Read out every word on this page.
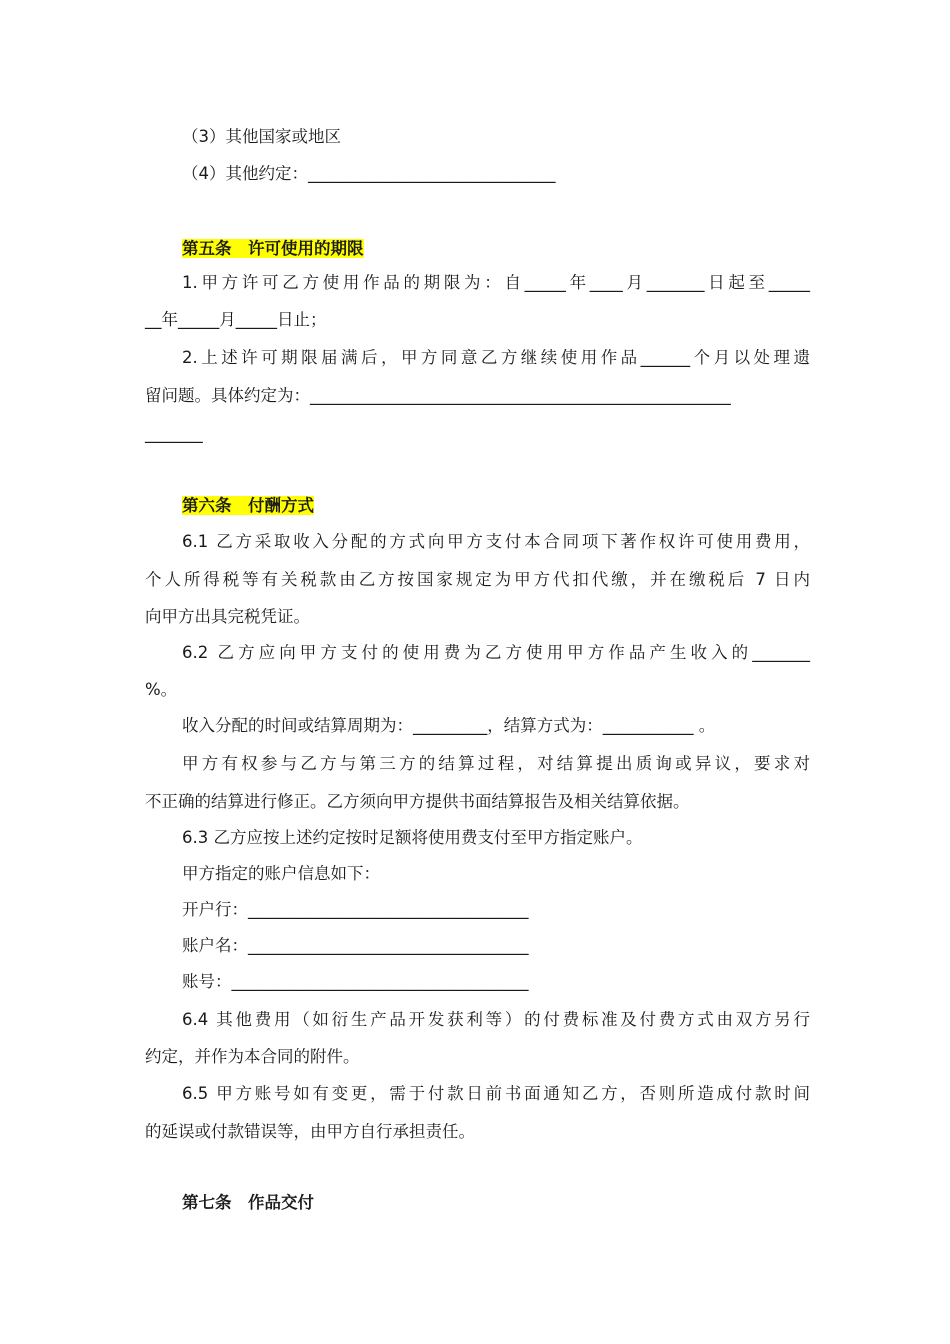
（3）其他国家或地区
（4）其他约定：______________________________
第五条　许可使用的期限
1.甲方许可乙方使用作品的期限为：自_____年____月_______日起至_____
__年_____月_____日止；
2.上述许可期限届满后，甲方同意乙方继续使用作品______个月以处理遗
留问题。具体约定为：___________________________________________________
_______
第六条　付酬方式
6.1 乙方采取收入分配的方式向甲方支付本合同项下著作权许可使用费用，
个人所得税等有关税款由乙方按国家规定为甲方代扣代缴，并在缴税后 7 日内
向甲方出具完税凭证。
6.2 乙方应向甲方支付的使用费为乙方使用甲方作品产生收入的_______
%。
收入分配的时间或结算周期为：_________，结算方式为：___________ 。
甲方有权参与乙方与第三方的结算过程，对结算提出质询或异议，要求对
不正确的结算进行修正。乙方须向甲方提供书面结算报告及相关结算依据。
6.3 乙方应按上述约定按时足额将使用费支付至甲方指定账户。
甲方指定的账户信息如下：
开户行：__________________________________
账户名：__________________________________
账号：____________________________________
6.4 其他费用（如衍生产品开发获利等）的付费标准及付费方式由双方另行
约定，并作为本合同的附件。
6.5 甲方账号如有变更，需于付款日前书面通知乙方，否则所造成付款时间
的延误或付款错误等，由甲方自行承担责任。
第七条　作品交付
